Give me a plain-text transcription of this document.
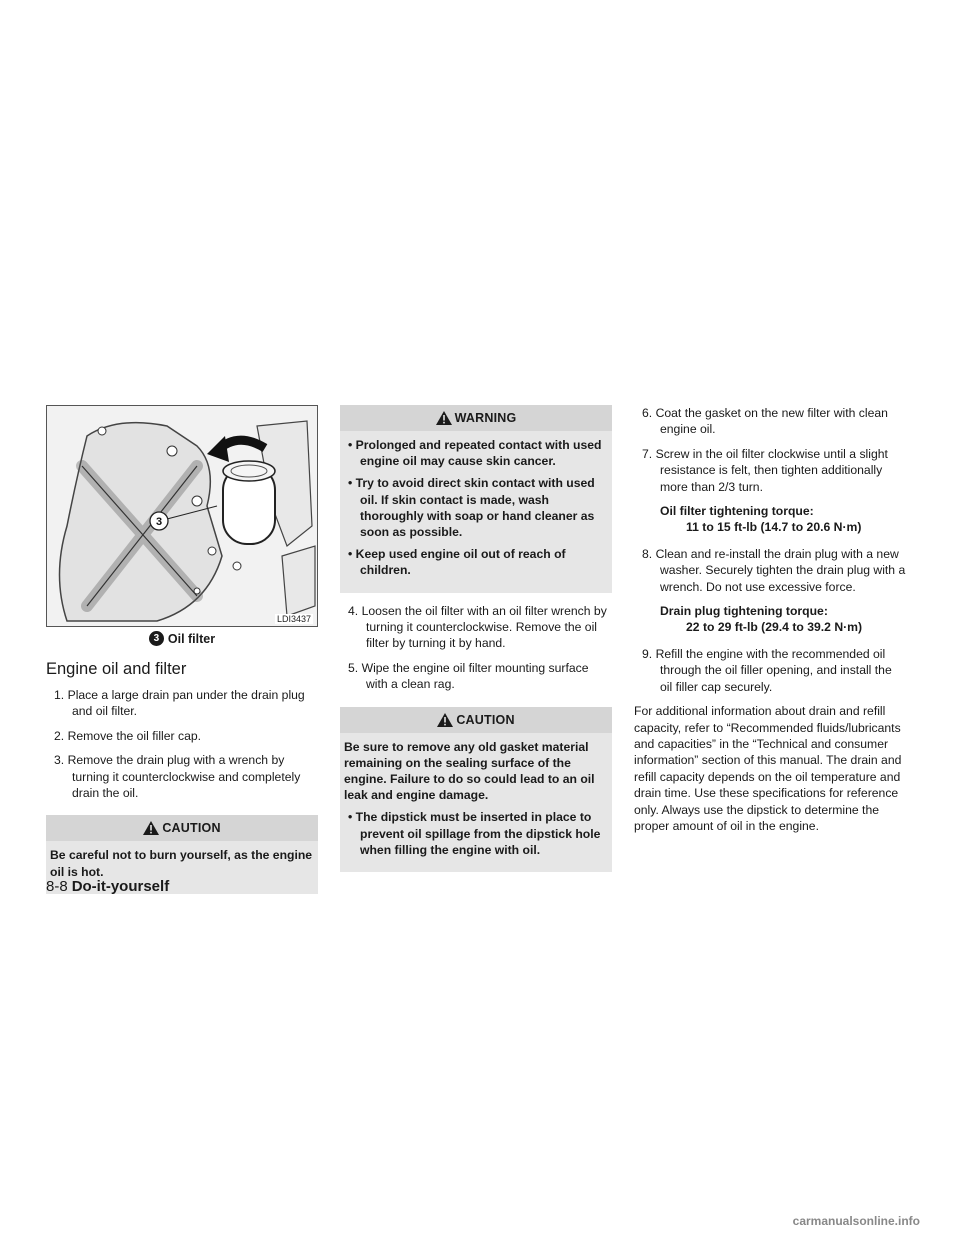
3
LDI3437
3 Oil filter
Engine oil and filter

1. Place a large drain pan under the drain plug and oil filter.

2. Remove the oil filler cap.

3. Remove the drain plug with a wrench by turning it counterclockwise and completely drain the oil.

CAUTION

Be careful not to burn yourself, as the engine oil is hot.

WARNING

• Prolonged and repeated contact with used engine oil may cause skin cancer.

• Try to avoid direct skin contact with used oil. If skin contact is made, wash thoroughly with soap or hand cleaner as soon as possible.

• Keep used engine oil out of reach of children.

4. Loosen the oil filter with an oil filter wrench by turning it counterclockwise. Remove the oil filter by turning it by hand.

5. Wipe the engine oil filter mounting surface with a clean rag.

CAUTION

Be sure to remove any old gasket material remaining on the sealing surface of the engine. Failure to do so could lead to an oil leak and engine damage.

• The dipstick must be inserted in place to prevent oil spillage from the dipstick hole when filling the engine with oil.

6. Coat the gasket on the new filter with clean engine oil.

7. Screw in the oil filter clockwise until a slight resistance is felt, then tighten additionally more than 2/3 turn.

Oil filter tightening torque:
11 to 15 ft-lb (14.7 to 20.6 N·m)

8. Clean and re-install the drain plug with a new washer. Securely tighten the drain plug with a wrench. Do not use excessive force.

Drain plug tightening torque:
22 to 29 ft-lb (29.4 to 39.2 N·m)

9. Refill the engine with the recommended oil through the oil filler opening, and install the oil filler cap securely.

For additional information about drain and refill capacity, refer to “Recommended fluids/lubricants and capacities” in the “Technical and consumer information” section of this manual. The drain and refill capacity depends on the oil temperature and drain time. Use these specifications for reference only. Always use the dipstick to determine the proper amount of oil in the engine.

8-8 Do-it-yourself
carmanualsonline.info
